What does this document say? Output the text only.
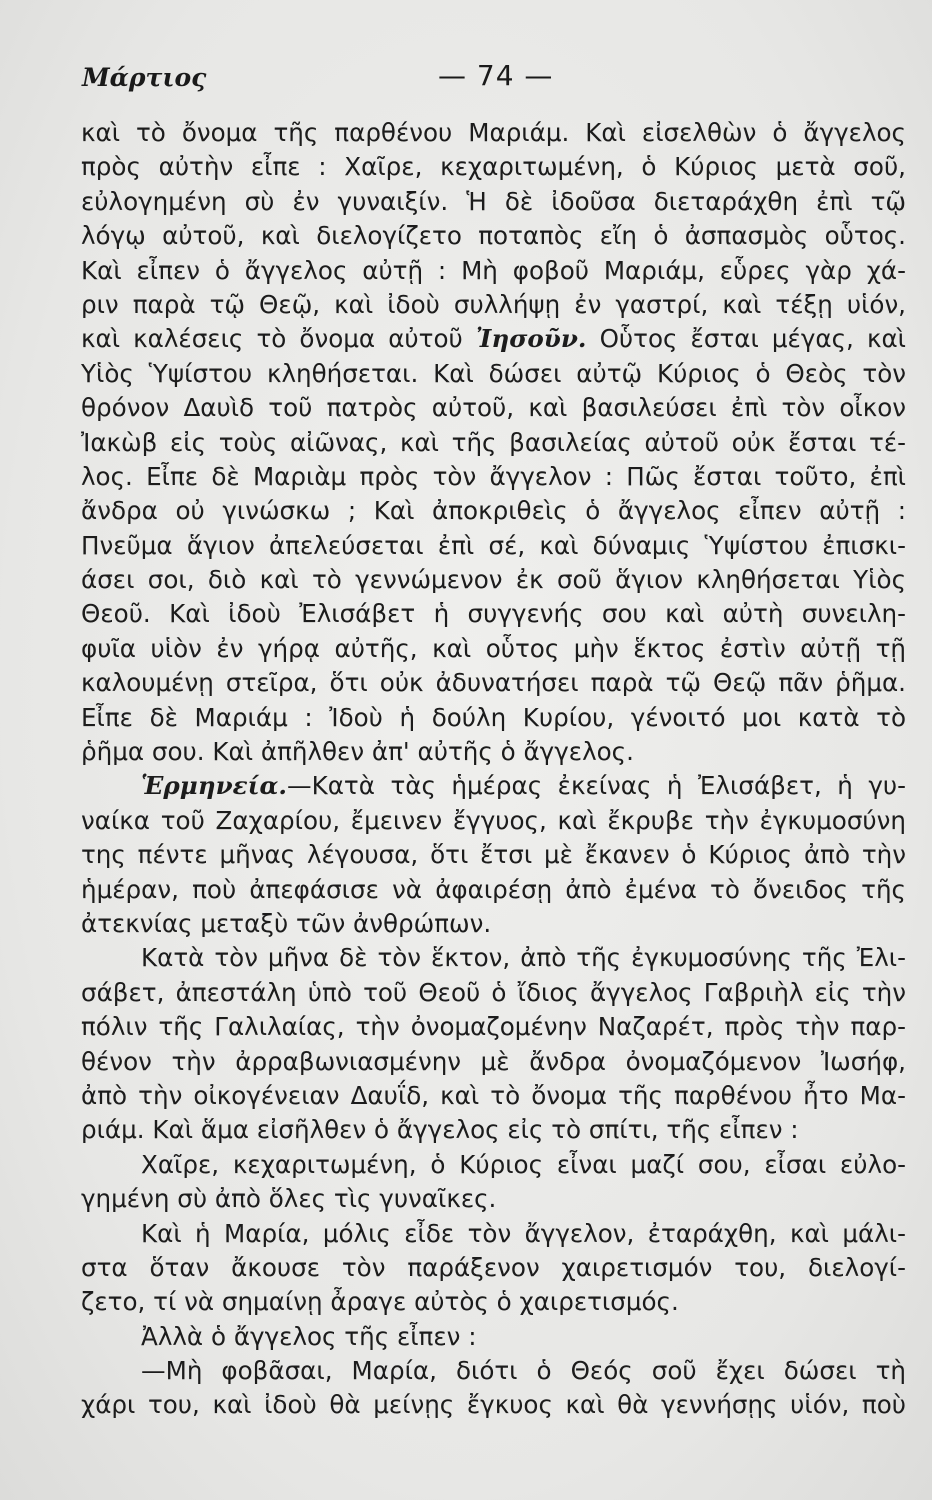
Μάρτιος	— 74 —
καὶ τὸ ὄνομα τῆς παρθένου Μαριάμ. Καὶ εἰσελθὼν ὁ ἄγγελος
πρὸς αὐτὴν εἶπε : Χαῖρε, κεχαριτωμένη, ὁ Κύριος μετὰ σοῦ,
εὐλογημένη σὺ ἐν γυναιξίν. Ἡ δὲ ἰδοῦσα διεταράχθη ἐπὶ τῷ
λόγῳ αὐτοῦ, καὶ διελογίζετο ποταπὸς εἴη ὁ ἀσπασμὸς οὗτος.
Καὶ εἶπεν ὁ ἄγγελος αὐτῇ : Μὴ φοβοῦ Μαριάμ, εὗρες γὰρ χά-
ριν παρὰ τῷ Θεῷ, καὶ ἰδοὺ συλλήψῃ ἐν γαστρί, καὶ τέξῃ υἱόν,
καὶ καλέσεις τὸ ὄνομα αὐτοῦ Ἰησοῦν. Οὗτος ἔσται μέγας, καὶ
Υἱὸς Ὑψίστου κληθήσεται. Καὶ δώσει αὐτῷ Κύριος ὁ Θεὸς τὸν
θρόνον Δαυὶδ τοῦ πατρὸς αὐτοῦ, καὶ βασιλεύσει ἐπὶ τὸν οἶκον
Ἰακὼβ εἰς τοὺς αἰῶνας, καὶ τῆς βασιλείας αὐτοῦ οὐκ ἔσται τέ-
λος. Εἶπε δὲ Μαριὰμ πρὸς τὸν ἄγγελον : Πῶς ἔσται τοῦτο, ἐπὶ
ἄνδρα οὐ γινώσκω ; Καὶ ἀποκριθεὶς ὁ ἄγγελος εἶπεν αὐτῇ :
Πνεῦμα ἅγιον ἀπελεύσεται ἐπὶ σέ, καὶ δύναμις Ὑψίστου ἐπισκι-
άσει σοι, διὸ καὶ τὸ γεννώμενον ἐκ σοῦ ἅγιον κληθήσεται Υἱὸς
Θεοῦ. Καὶ ἰδοὺ Ἐλισάβετ ἡ συγγενής σου καὶ αὐτὴ συνειλη-
φυῖα υἱὸν ἐν γήρᾳ αὐτῆς, καὶ οὗτος μὴν ἕκτος ἐστὶν αὐτῇ τῇ
καλουμένῃ στεῖρα, ὅτι οὐκ ἀδυνατήσει παρὰ τῷ Θεῷ πᾶν ῥῆμα.
Εἶπε δὲ Μαριάμ : Ἰδοὺ ἡ δούλη Κυρίου, γένοιτό μοι κατὰ τὸ
ῥῆμα σου. Καὶ ἀπῆλθεν ἀπ' αὐτῆς ὁ ἄγγελος.
Ἑρμηνεία.—Κατὰ τὰς ἡμέρας ἐκείνας ἡ Ἐλισάβετ, ἡ γυ-
ναίκα τοῦ Ζαχαρίου, ἔμεινεν ἔγγυος, καὶ ἔκρυβε τὴν ἐγκυμοσύνη
της πέντε μῆνας λέγουσα, ὅτι ἔτσι μὲ ἔκανεν ὁ Κύριος ἀπὸ τὴν
ἡμέραν, ποὺ ἀπεφάσισε νὰ ἀφαιρέσῃ ἀπὸ ἐμένα τὸ ὄνειδος τῆς
ἀτεκνίας μεταξὺ τῶν ἀνθρώπων.
Κατὰ τὸν μῆνα δὲ τὸν ἕκτον, ἀπὸ τῆς ἐγκυμοσύνης τῆς Ἐλι-
σάβετ, ἀπεστάλη ὑπὸ τοῦ Θεοῦ ὁ ἴδιος ἄγγελος Γαβριὴλ εἰς τὴν
πόλιν τῆς Γαλιλαίας, τὴν ὀνομαζομένην Ναζαρέτ, πρὸς τὴν παρ-
θένον τὴν ἀρραβωνιασμένην μὲ ἄνδρα ὀνομαζόμενον Ἰωσήφ,
ἀπὸ τὴν οἰκογένειαν Δαυΐδ, καὶ τὸ ὄνομα τῆς παρθένου ἦτο Μα-
ριάμ. Καὶ ἅμα εἰσῆλθεν ὁ ἄγγελος εἰς τὸ σπίτι, τῆς εἶπεν :
Χαῖρε, κεχαριτωμένη, ὁ Κύριος εἶναι μαζί σου, εἶσαι εὐλο-
γημένη σὺ ἀπὸ ὅλες τὶς γυναῖκες.
Καὶ ἡ Μαρία, μόλις εἶδε τὸν ἄγγελον, ἐταράχθη, καὶ μάλι-
στα ὅταν ἄκουσε τὸν παράξενον χαιρετισμόν του, διελογί-
ζετο, τί νὰ σημαίνῃ ἆραγε αὐτὸς ὁ χαιρετισμός.
Ἀλλὰ ὁ ἄγγελος τῆς εἶπεν :
—Μὴ φοβᾶσαι, Μαρία, διότι ὁ Θεός σοῦ ἔχει δώσει τὴ
χάρι του, καὶ ἰδοὺ θὰ μείνῃς ἔγκυος καὶ θὰ γεννήσῃς υἱόν, ποὺ
